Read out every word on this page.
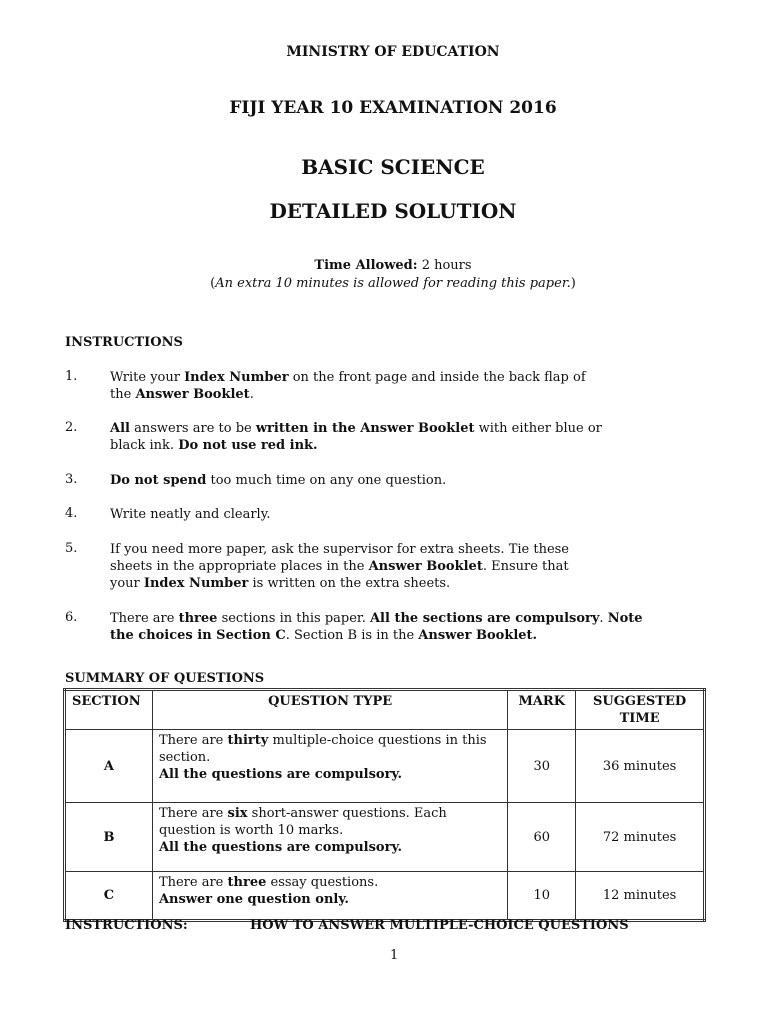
MINISTRY OF EDUCATION
FIJI YEAR 10 EXAMINATION 2016
BASIC SCIENCE
DETAILED SOLUTION
Time Allowed: 2 hours
(An extra 10 minutes is allowed for reading this paper.)
INSTRUCTIONS
1.	Write your Index Number on the front page and inside the back flap of
the Answer Booklet.
2.	All answers are to be written in the Answer Booklet with either blue or
black ink. Do not use red ink.
3.	Do not spend too much time on any one question.
4.	Write neatly and clearly.
5.	If you need more paper, ask the supervisor for extra sheets. Tie these
sheets in the appropriate places in the Answer Booklet. Ensure that
your Index Number is written on the extra sheets.
6.	There are three sections in this paper. All the sections are compulsory. Note
the choices in Section C. Section B is in the Answer Booklet.
SUMMARY OF QUESTIONS
SECTION	QUESTION TYPE	MARK	SUGGESTED TIME
A	There are thirty multiple-choice questions in this section.
All the questions are compulsory.	30	36 minutes
B	There are six short-answer questions. Each question is worth 10 marks.
All the questions are compulsory.	60	72 minutes
C	There are three essay questions.
Answer one question only.	10	12 minutes
INSTRUCTIONS:	HOW TO ANSWER MULTIPLE-CHOICE QUESTIONS
1
